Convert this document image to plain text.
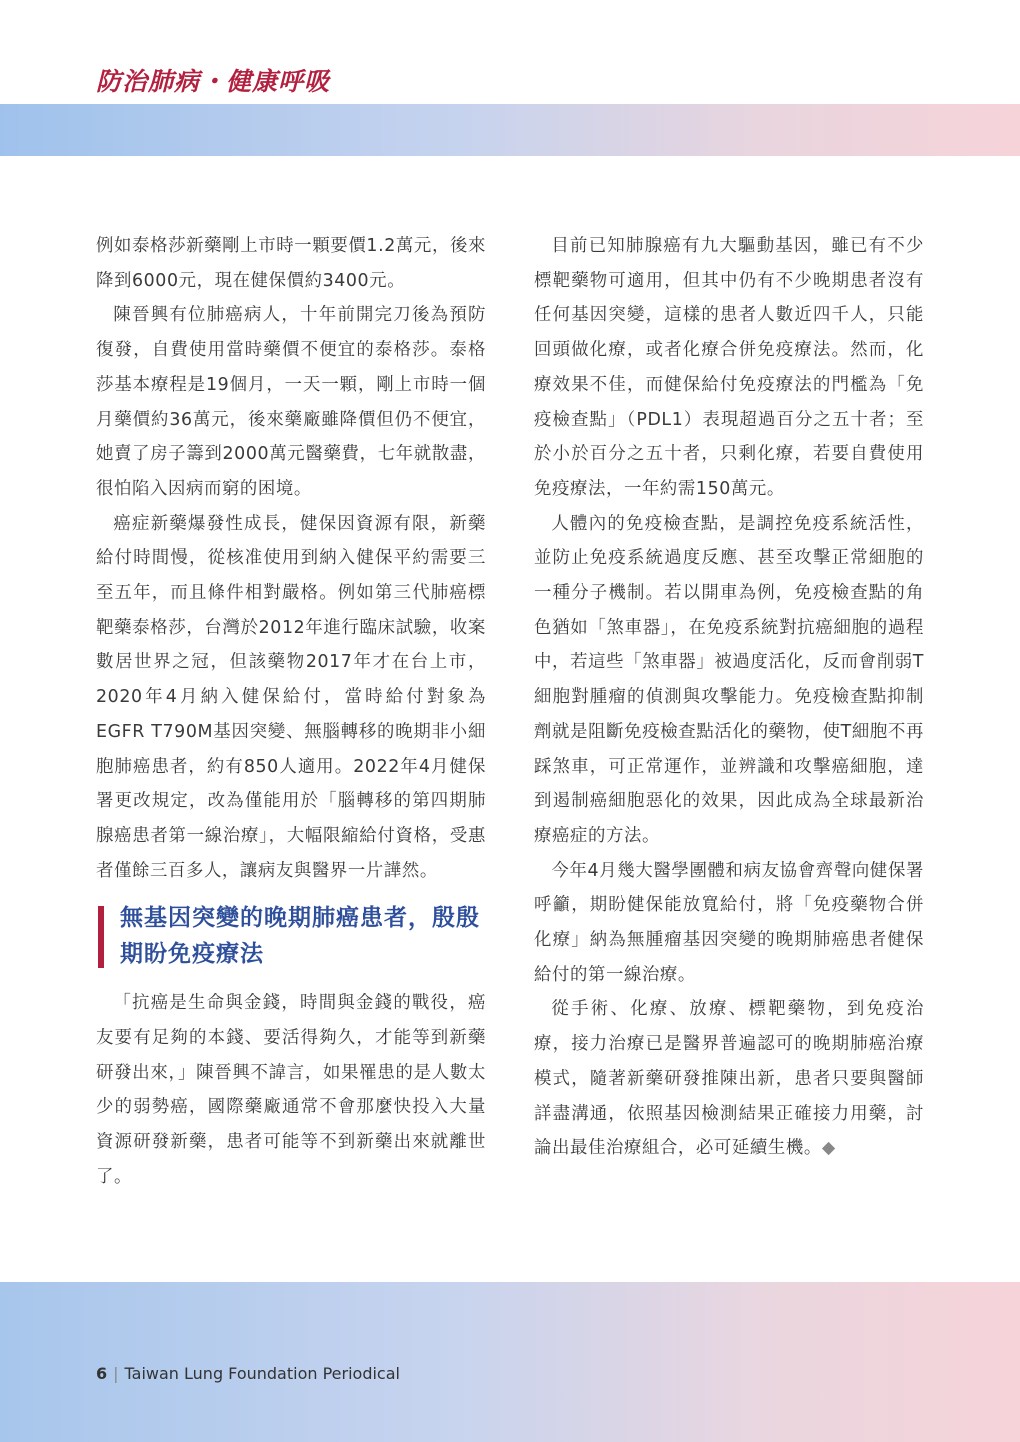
防治肺病・健康呼吸

例如泰格莎新藥剛上市時一顆要價1.2萬元，後來降到6000元，現在健保價約3400元。

陳晉興有位肺癌病人，十年前開完刀後為預防復發，自費使用當時藥價不便宜的泰格莎。泰格莎基本療程是19個月，一天一顆，剛上市時一個月藥價約36萬元，後來藥廠雖降價但仍不便宜，她賣了房子籌到2000萬元醫藥費，七年就散盡，很怕陷入因病而窮的困境。

癌症新藥爆發性成長，健保因資源有限，新藥給付時間慢，從核准使用到納入健保平約需要三至五年，而且條件相對嚴格。例如第三代肺癌標靶藥泰格莎，台灣於2012年進行臨床試驗，收案數居世界之冠，但該藥物2017年才在台上市，2020年4月納入健保給付，當時給付對象為EGFR T790M基因突變、無腦轉移的晚期非小細胞肺癌患者，約有850人適用。2022年4月健保署更改規定，改為僅能用於「腦轉移的第四期肺腺癌患者第一線治療」，大幅限縮給付資格，受惠者僅餘三百多人，讓病友與醫界一片譁然。

無基因突變的晚期肺癌患者，殷殷期盼免疫療法

「抗癌是生命與金錢，時間與金錢的戰役，癌友要有足夠的本錢、要活得夠久，才能等到新藥研發出來，」陳晉興不諱言，如果罹患的是人數太少的弱勢癌，國際藥廠通常不會那麼快投入大量資源研發新藥，患者可能等不到新藥出來就離世了。

目前已知肺腺癌有九大驅動基因，雖已有不少標靶藥物可適用，但其中仍有不少晚期患者沒有任何基因突變，這樣的患者人數近四千人，只能回頭做化療，或者化療合併免疫療法。然而，化療效果不佳，而健保給付免疫療法的門檻為「免疫檢查點」（PDL1）表現超過百分之五十者；至於小於百分之五十者，只剩化療，若要自費使用免疫療法，一年約需150萬元。

人體內的免疫檢查點，是調控免疫系統活性，並防止免疫系統過度反應、甚至攻擊正常細胞的一種分子機制。若以開車為例，免疫檢查點的角色猶如「煞車器」，在免疫系統對抗癌細胞的過程中，若這些「煞車器」被過度活化，反而會削弱T細胞對腫瘤的偵測與攻擊能力。免疫檢查點抑制劑就是阻斷免疫檢查點活化的藥物，使T細胞不再踩煞車，可正常運作，並辨識和攻擊癌細胞，達到遏制癌細胞惡化的效果，因此成為全球最新治療癌症的方法。

今年4月幾大醫學團體和病友協會齊聲向健保署呼籲，期盼健保能放寬給付，將「免疫藥物合併化療」納為無腫瘤基因突變的晚期肺癌患者健保給付的第一線治療。

從手術、化療、放療、標靶藥物，到免疫治療，接力治療已是醫界普遍認可的晚期肺癌治療模式，隨著新藥研發推陳出新，患者只要與醫師詳盡溝通，依照基因檢測結果正確接力用藥，討論出最佳治療組合，必可延續生機。◆

6 | Taiwan Lung Foundation Periodical
